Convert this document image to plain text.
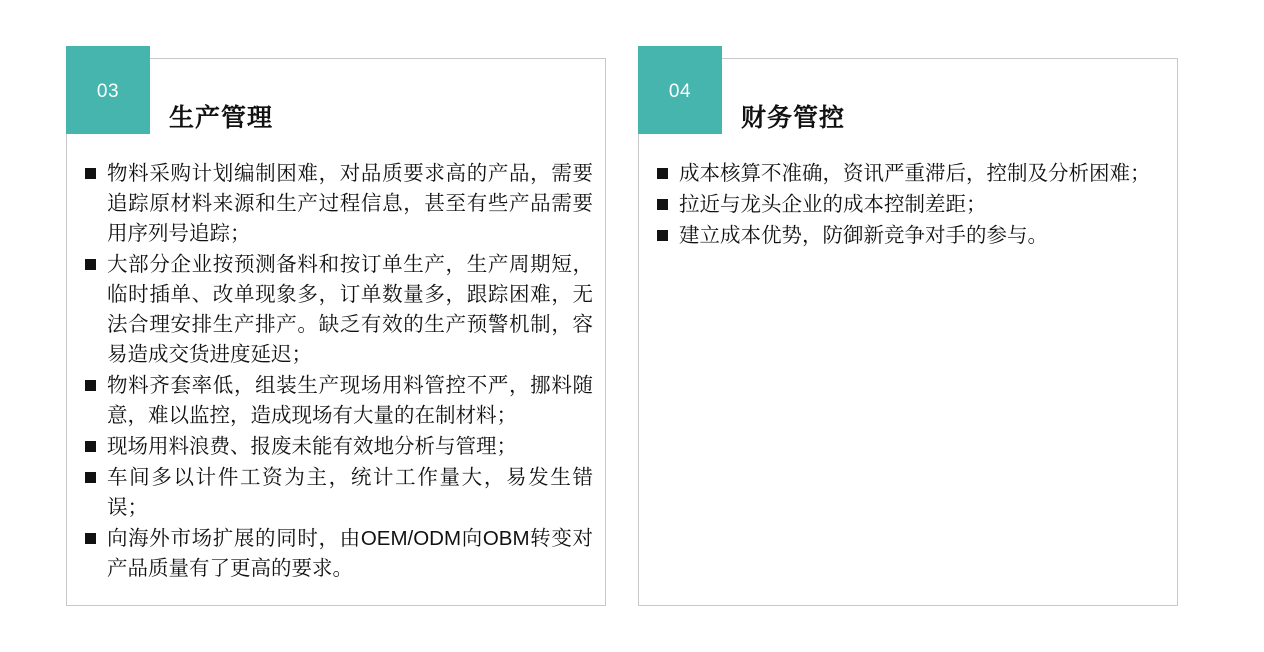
03
生产管理
物料采购计划编制困难，对品质要求高的产品，需要追踪原材料来源和生产过程信息，甚至有些产品需要用序列号追踪；
大部分企业按预测备料和按订单生产，生产周期短，临时插单、改单现象多，订单数量多，跟踪困难，无法合理安排生产排产。缺乏有效的生产预警机制，容易造成交货进度延迟；
物料齐套率低，组装生产现场用料管控不严，挪料随意，难以监控，造成现场有大量的在制材料；
现场用料浪费、报废未能有效地分析与管理；
车间多以计件工资为主，统计工作量大，易发生错误；
向海外市场扩展的同时，由OEM/ODM向OBM转变对产品质量有了更高的要求。
04
财务管控
成本核算不准确，资讯严重滞后，控制及分析困难；
拉近与龙头企业的成本控制差距；
建立成本优势，防御新竞争对手的参与。
